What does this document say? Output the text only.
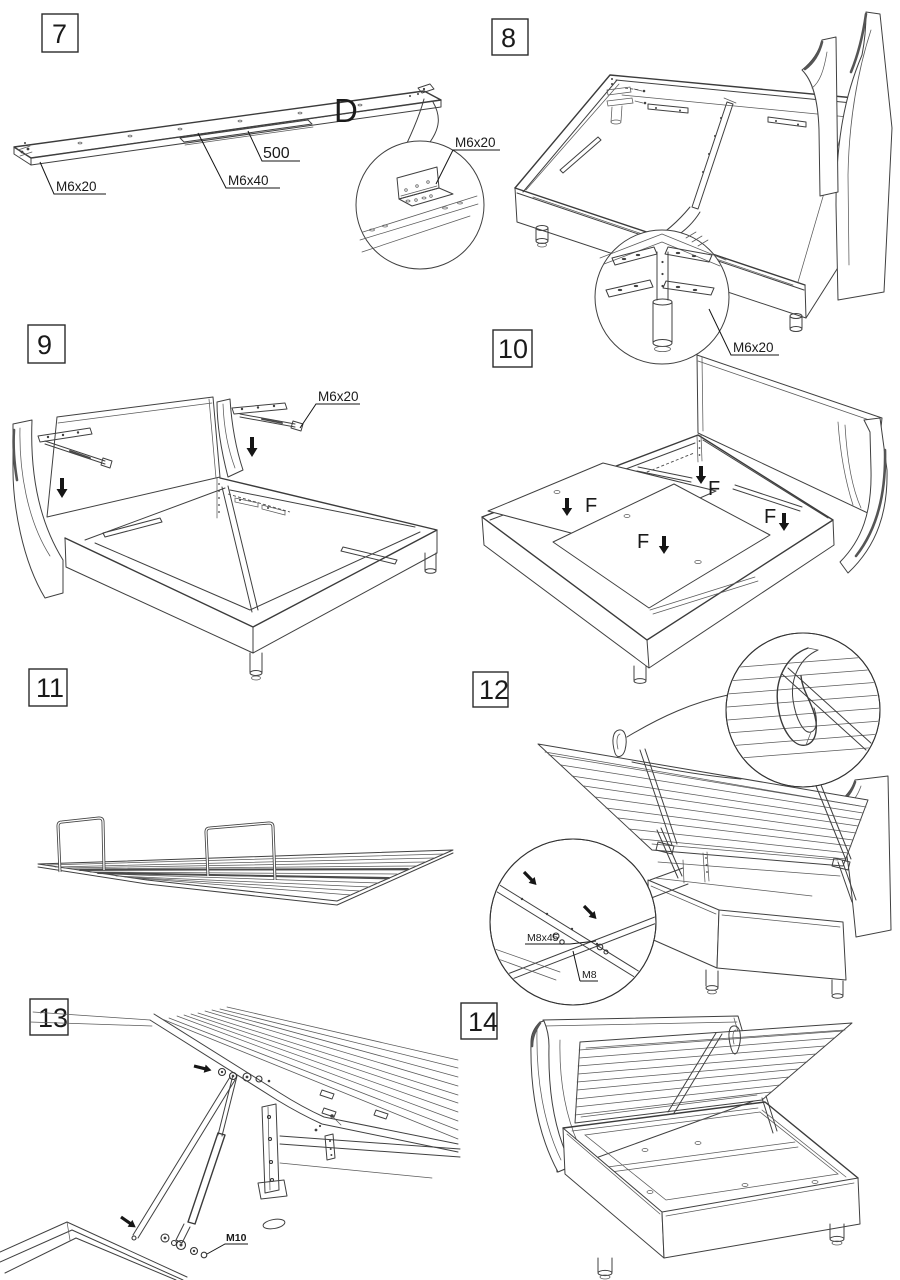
7
500
M6x40
M6x20
M6x20
D
8
M6x20
9
M6x20
10
F
F
F
F
11	12
M8x45
M8
13
M10
14
